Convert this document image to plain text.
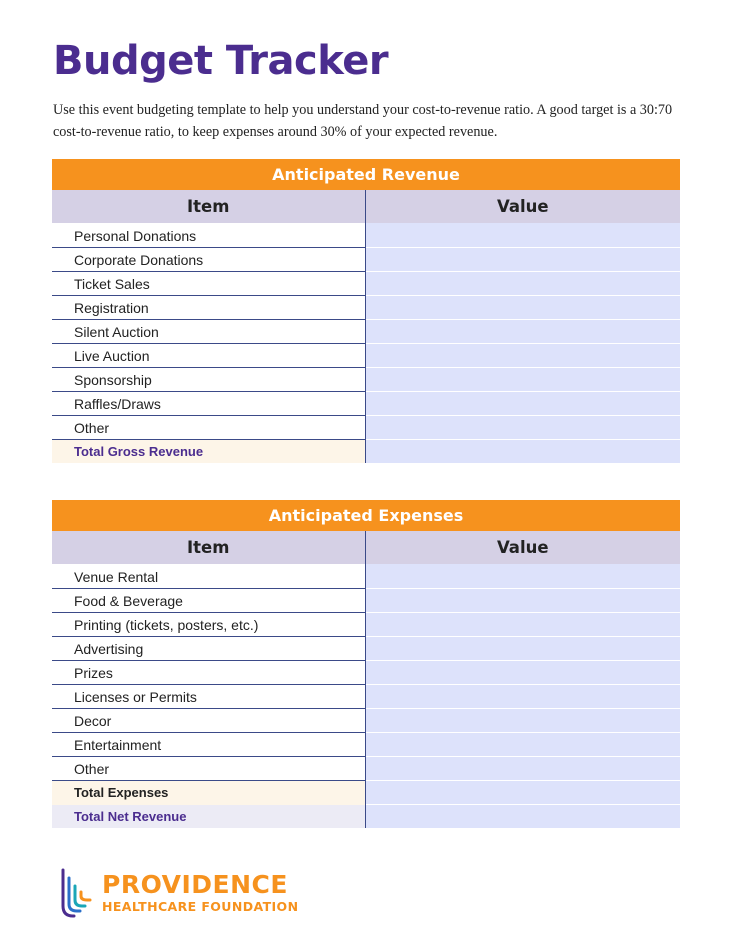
Budget Tracker

Use this event budgeting template to help you understand your cost-to-revenue ratio. A good target is a 30:70 cost-to-revenue ratio, to keep expenses around 30% of your expected revenue.

Anticipated Revenue	
Item	Value

Personal Donations	
Corporate Donations	
Ticket Sales	
Registration	
Silent Auction	
Live Auction	
Sponsorship	
Raffles/Draws	
Other	
Total Gross Revenue	
Anticipated Expenses	
Item	Value

Venue Rental	
Food & Beverage	
Printing (tickets, posters, etc.)	
Advertising	
Prizes	
Licenses or Permits	
Decor	
Entertainment	
Other	
Total Expenses	
Total Net Revenue	
PROVIDENCE
HEALTHCARE FOUNDATION
